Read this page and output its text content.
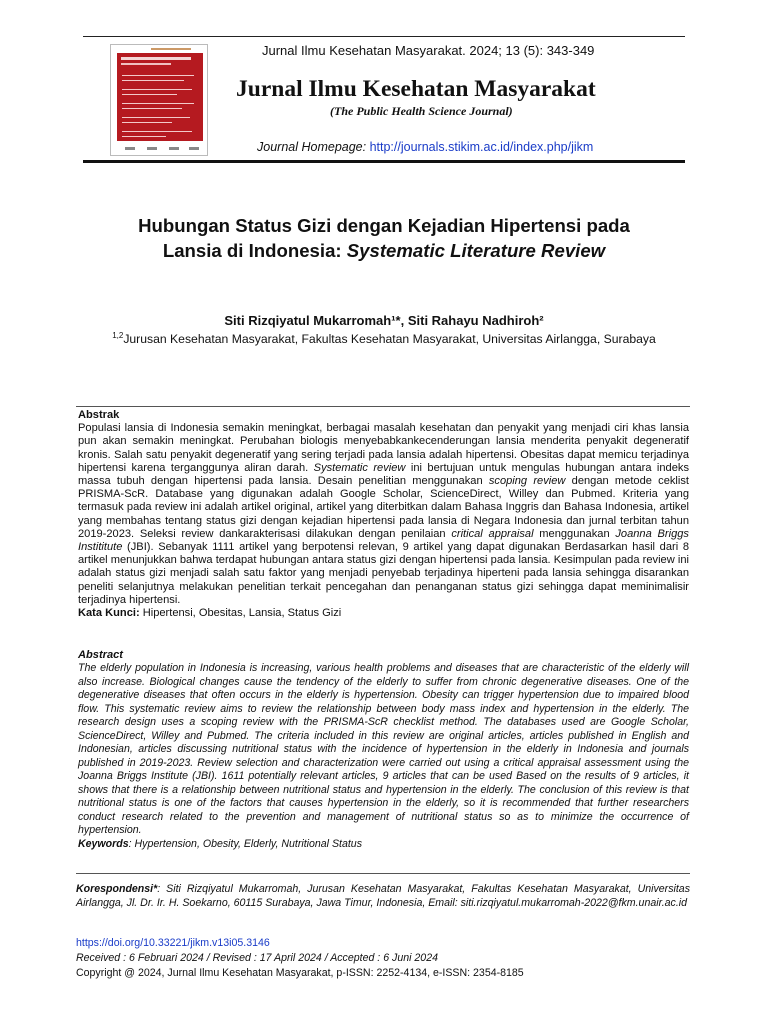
Jurnal Ilmu Kesehatan Masyarakat. 2024; 13 (5): 343-349
Jurnal Ilmu Kesehatan Masyarakat
(The Public Health Science Journal)
Journal Homepage: http://journals.stikim.ac.id/index.php/jikm
Hubungan Status Gizi dengan Kejadian Hipertensi pada
Lansia di Indonesia: Systematic Literature Review
Siti Rizqiyatul Mukarromah¹*, Siti Rahayu Nadhiroh²
$^{1,2}$Jurusan Kesehatan Masyarakat, Fakultas Kesehatan Masyarakat, Universitas Airlangga, Surabaya
Abstrak
Populasi lansia di Indonesia semakin meningkat, berbagai masalah kesehatan dan penyakit yang menjadi ciri khas lansia pun akan semakin meningkat. Perubahan biologis menyebabkankecenderungan lansia menderita penyakit degeneratif kronis. Salah satu penyakit degeneratif yang sering terjadi pada lansia adalah hipertensi. Obesitas dapat memicu terjadinya hipertensi karena terganggunya aliran darah. Systematic review ini bertujuan untuk mengulas hubungan antara indeks massa tubuh dengan hipertensi pada lansia. Desain penelitian menggunakan scoping review dengan metode ceklist PRISMA-ScR. Database yang digunakan adalah Google Scholar, ScienceDirect, Willey dan Pubmed. Kriteria yang termasuk pada review ini adalah artikel original, artikel yang diterbitkan dalam Bahasa Inggris dan Bahasa Indonesia, artikel yang membahas tentang status gizi dengan kejadian hipertensi pada lansia di Negara Indonesia dan jurnal terbitan tahun 2019-2023. Seleksi review dankarakterisasi dilakukan dengan penilaian critical appraisal menggunakan Joanna Briggs Instititute (JBI). Sebanyak 1111 artikel yang berpotensi relevan, 9 artikel yang dapat digunakan Berdasarkan hasil dari 8 artikel menunjukkan bahwa terdapat hubungan antara status gizi dengan hipertensi pada lansia. Kesimpulan pada review ini adalah status gizi menjadi salah satu faktor yang menjadi penyebab terjadinya hiperteni pada lansia sehingga disarankan peneliti selanjutnya melakukan penelitian terkait pencegahan dan penanganan status gizi sehingga dapat meminimalisir terjadinya hipertensi.
Kata Kunci: Hipertensi, Obesitas, Lansia, Status Gizi
Abstract
The elderly population in Indonesia is increasing, various health problems and diseases that are characteristic of the elderly will also increase. Biological changes cause the tendency of the elderly to suffer from chronic degenerative diseases. One of the degenerative diseases that often occurs in the elderly is hypertension. Obesity can trigger hypertension due to impaired blood flow. This systematic review aims to review the relationship between body mass index and hypertension in the elderly. The research design uses a scoping review with the PRISMA-ScR checklist method. The databases used are Google Scholar, ScienceDirect, Willey and Pubmed. The criteria included in this review are original articles, articles published in English and Indonesian, articles discussing nutritional status with the incidence of hypertension in the elderly in Indonesia and journals published in 2019-2023. Review selection and characterization were carried out using a critical appraisal assessment using the Joanna Briggs Institute (JBI). 1611 potentially relevant articles, 9 articles that can be used Based on the results of 9 articles, it shows that there is a relationship between nutritional status and hypertension in the elderly. The conclusion of this review is that nutritional status is one of the factors that causes hypertension in the elderly, so it is recommended that further researchers conduct research related to the prevention and management of nutritional status so as to minimize the occurrence of hypertension.
Keywords: Hypertension, Obesity, Elderly, Nutritional Status
Korespondensi*: Siti Rizqiyatul Mukarromah, Jurusan Kesehatan Masyarakat, Fakultas Kesehatan Masyarakat, Universitas Airlangga, Jl. Dr. Ir. H. Soekarno, 60115 Surabaya, Jawa Timur, Indonesia, Email: siti.rizqiyatul.mukarromah-2022@fkm.unair.ac.id
https://doi.org/10.33221/jikm.v13i05.3146
Received : 6 Februari 2024 / Revised : 17 April 2024 / Accepted : 6 Juni 2024
Copyright @ 2024, Jurnal Ilmu Kesehatan Masyarakat, p-ISSN: 2252-4134, e-ISSN: 2354-8185
